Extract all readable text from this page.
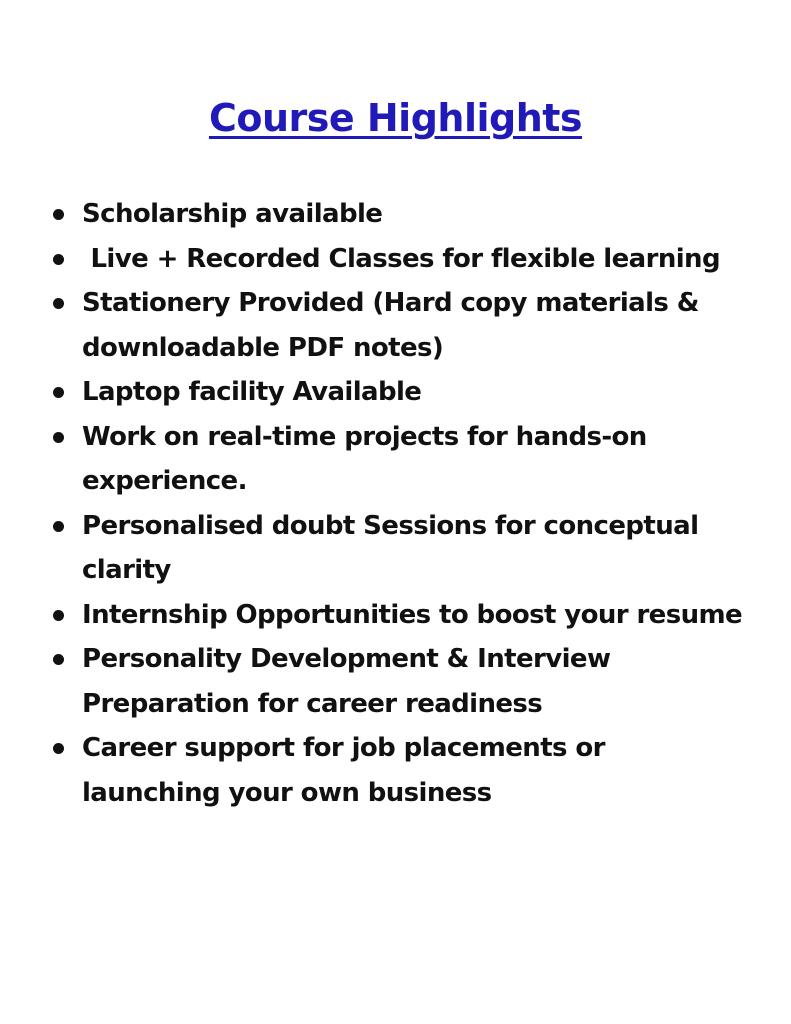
Course Highlights
Scholarship available
Live + Recorded Classes for flexible learning
Stationery Provided (Hard copy materials & downloadable PDF notes)
Laptop facility Available
Work on real-time projects for hands-on experience.
Personalised doubt Sessions for conceptual clarity
Internship Opportunities to boost your resume
Personality Development & Interview Preparation for career readiness
Career support for job placements or launching your own business
